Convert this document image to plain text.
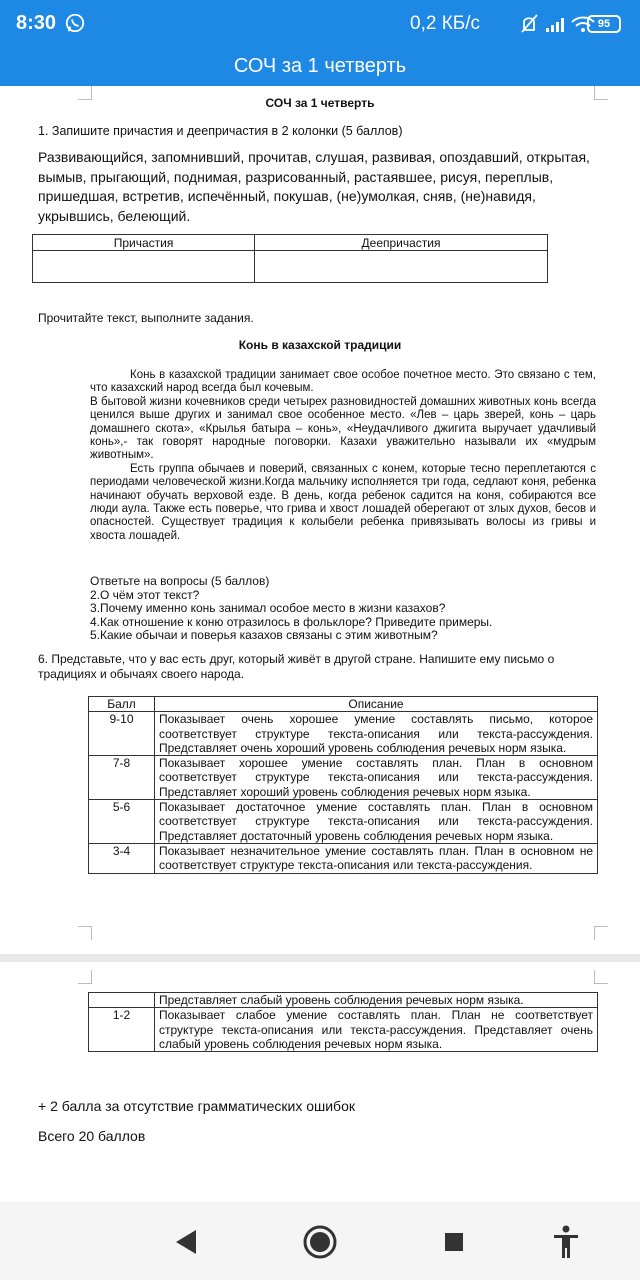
8:30	0,2 КБ/с	95
СОЧ за 1 четверть
СОЧ за 1 четверть
1. Запишите причастия и деепричастия в 2 колонки (5 баллов)
Развивающийся, запомнивший, прочитав, слушая, развивая, опоздавший, открытая, вымыв, прыгающий, поднимая, разрисованный, растаявшее, рисуя, переплыв, пришедшая, встретив, испечённый, покушав, (не)умолкая, сняв, (не)навидя, укрывшись, белеющий.
Причастия	Деепричастия

Прочитайте текст, выполните задания.
Конь в казахской традиции

Конь в казахской традиции занимает свое особое почетное место. Это связано с тем, что казахский народ всегда был кочевым.

В бытовой жизни кочевников среди четырех разновидностей домашних животных конь всегда ценился выше других и занимал свое особенное место. «Лев – царь зверей, конь – царь домашнего скота», «Крылья батыра – конь», «Неудачливого джигита выручает удачливый конь»,- так говорят народные поговорки. Казахи уважительно называли их «мудрым животным».

Есть группа обычаев и поверий, связанных с конем, которые тесно переплетаются с периодами человеческой жизни.Когда мальчику исполняется три года, седлают коня, ребенка начинают обучать верховой езде. В день, когда ребенок садится на коня, собираются все люди аула. Также есть поверье, что грива и хвост лошадей оберегают от злых духов, бесов и опасностей. Существует традиция к колыбели ребенка привязывать волосы из гривы и хвоста лошадей.

Ответьте на вопросы (5 баллов)
2.О чём этот текст?
3.Почему именно конь занимал особое место в жизни казахов?
4.Как отношение к коню отразилось в фольклоре? Приведите примеры.
5.Какие обычаи и поверья казахов связаны с этим животным?
6. Представьте, что у вас есть друг, который живёт в другой стране. Напишите ему письмо о традициях и обычаях своего народа.
Балл	Описание
9-10	Показывает очень хорошее умение составлять письмо, которое соответствует структуре текста-описания или текста-рассуждения. Представляет очень хороший уровень соблюдения речевых норм языка.
7-8	Показывает хорошее умение составлять план. План в основном соответствует структуре текста-описания или текста-рассуждения. Представляет хороший уровень соблюдения речевых норм языка.
5-6	Показывает достаточное умение составлять план. План в основном соответствует структуре текста-описания или текста-рассуждения. Представляет достаточный уровень соблюдения речевых норм языка.
3-4	Показывает незначительное умение составлять план. План в основном не соответствует структуре текста-описания или текста-рассуждения.
	Представляет слабый уровень соблюдения речевых норм языка.
1-2	Показывает слабое умение составлять план. План не соответствует структуре текста-описания или текста-рассуждения. Представляет очень слабый уровень соблюдения речевых норм языка.
+ 2 балла за отсутствие грамматических ошибок
Всего 20 баллов
